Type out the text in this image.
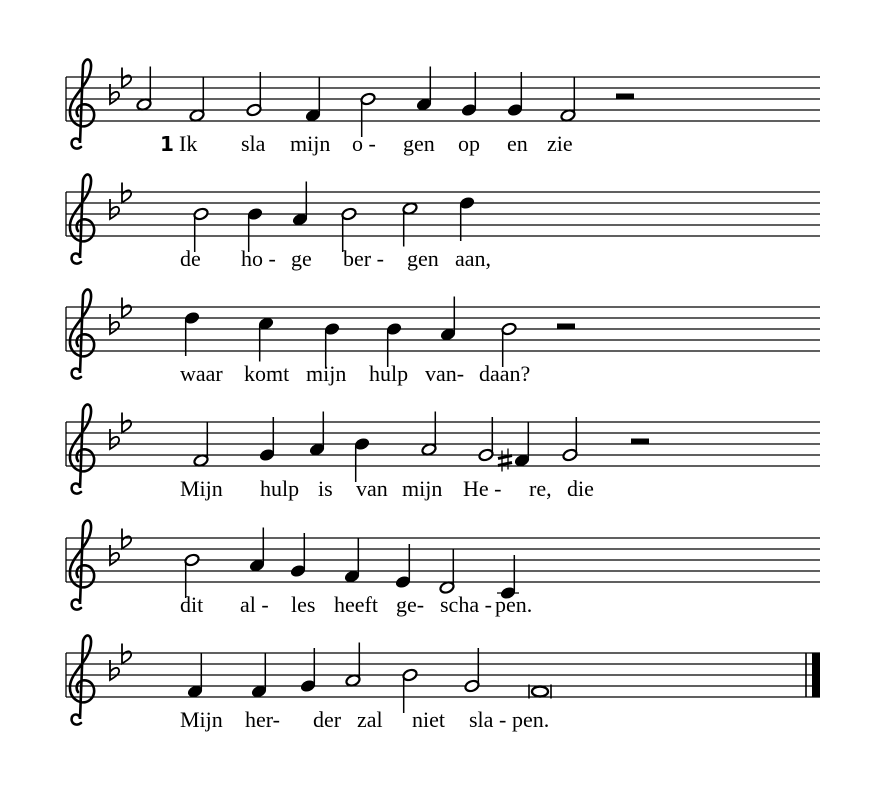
1 Ik sla mijn o - gen op en zie
de ho - ge ber - gen aan,
waar komt mijn hulp van- daan?
Mijn hulp is van mijn He - re, die
dit al - les heeft ge- scha - pen.
Mijn her- der zal niet sla - pen.
